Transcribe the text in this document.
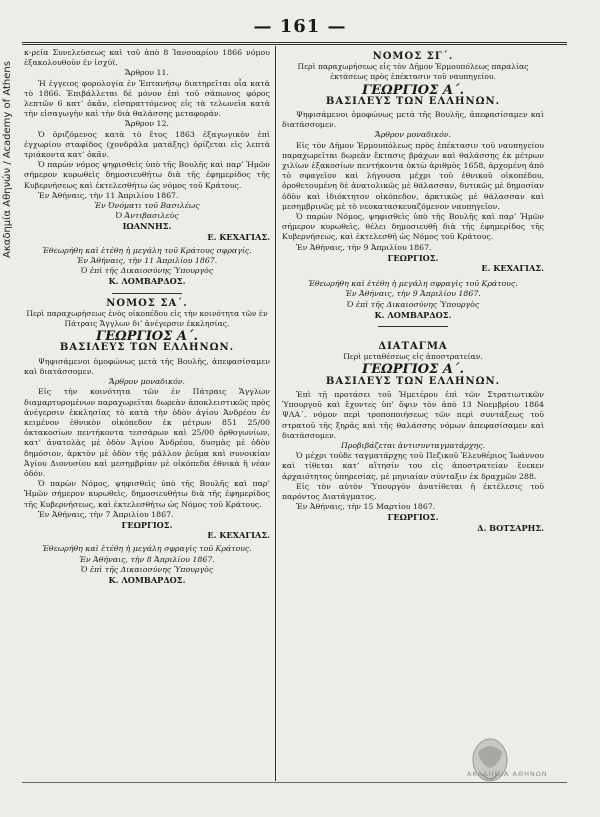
Ακαδημία Αθηνών / Academy of Athens
— 161 —

κ-ρεία Συνελεύσεως καὶ τοῦ ἀπὸ 8 Ἰανουαρίου 1866 νόμου ἐξακολουθοῦν ἐν ἰσχύϊ.

Ἄρθρον 11.

Ἡ ἐγγειος φορολογία ἐν Ἑπτανήσῳ διατηρεῖται οἷα κατὰ τὸ 1866. Ἐπιβάλλεται δὲ μόνον ἐπὶ τοῦ σάπωνος φόρος λεπτῶν 6 κατ’ ὀκᾶν, εἰσπραττόμενος εἰς τὰ τελωνεῖα κατὰ τὴν εἰσαγωγὴν καὶ τὴν διὰ θαλάσσης μεταφοράν.

Ἄρθρον 12.

Ὁ ὁριζόμενος κατὰ τὸ ἔτος 1863 ἐξαγωγικὸν ἐπὶ ἐγχωρίου σταφίδος (χονδράλα ματάξης) ὁρίζεται εἰς λεπτὰ τριάκοντα κατ’ ὀκᾶν.

Ὁ παρὼν νόμος ψηφισθεὶς ὑπὸ τῆς Βουλῆς καὶ παρ’ Ἡμῶν σήμερον κυρωθεὶς δημοσιευθήτω διὰ τῆς ἐφημερίδος τῆς Κυβερνήσεως καὶ ἐκτελεσθήτω ὡς νόμος τοῦ Κράτους.

Ἐν Ἀθήναις, τὴν 11 Ἀπριλίου 1867.

Ἐν Ὀνόματι τοῦ Βασιλέως

Ὁ Ἀντιβασιλεὺς

ΙΩΑΝΝΗΣ.

Ε. ΚΕΧΑΓΙΑΣ.

Ἐθεωρήθη καὶ ἐτέθη ἡ μεγάλη τοῦ Κράτους σφραγίς.

Ἐν Ἀθήναις, τὴν 11 Ἀπριλίου 1867.

Ὁ ἐπὶ τῆς Δικαιοσύνης Ὑπουργὸς

Κ. ΛΟΜΒΑΡΔΟΣ.

ΝΟΜΟΣ ΣΑ΄.

Περὶ παραχωρήσεως ἑνὸς οἰκοπέδου εἰς τὴν κοινότητα τῶν ἐν Πάτραις Ἄγγλων δι’ ἀνέγερσιν ἐκκλησίας.

ΓΕΩΡΓΙΟΣ Α΄.

ΒΑΣΙΛΕΥΣ ΤΩΝ ΕΛΛΗΝΩΝ.

Ψηφισάμενοι ὁμοφώνως μετὰ τῆς Βουλῆς, ἀπεφασίσαμεν καὶ διατάσσομεν.

Ἄρθρον μοναδικόν.

Εἰς τὴν κοινότητα τῶν ἐν Πάτραις Ἄγγλων διαμαρτυρομένων παραχωρεῖται δωρεὰν ἀποκλειστικῶς πρὸς ἀνέγερσιν ἐκκλησίας τὸ κατὰ τὴν ὁδὸν ἁγίου Ἀνδρέου ἐν κειμένον ἐθνικὸν οἰκόπεδον ἐκ μέτρων 851 25/00 ὀκτακοσίων πεντήκοντα τεσσάρων καὶ 25/00 ὀρθογωνίων, κατ’ ἀνατολὰς μὲ ὁδὸν Ἁγίου Ἀνδρέου, δυσμὰς μὲ ὁδὸν δημόσιον, ἀρκτὸν μὲ ὁδὸν τῆς μάλλον ῥεῦμα καὶ συνοικίαν Ἁγίου Διονυσίου καὶ μεσημβρίαν μὲ οἰκόπεδα ἐθνικὰ ἢ νέαν ὁδόν.

Ὁ παρὼν Νόμος, ψηφισθεὶς ὑπὸ τῆς Βουλῆς καὶ παρ’ Ἡμῶν σήμερον κυρωθεὶς, δημοσιευθήτω διὰ τῆς ἐφημερίδος τῆς Κυβερνήσεως, καὶ ἐκτελεσθήτω ὡς Νόμος τοῦ Κράτους.

Ἐν Ἀθήναις, τὴν 7 Ἀπριλίου 1867.

ΓΕΩΡΓΙΟΣ.

Ε. ΚΕΧΑΓΙΑΣ.

Ἐθεωρήθη καὶ ἐτέθη ἡ μεγάλη σφραγὶς τοῦ Κράτους.

Ἐν Ἀθήναις, τὴν 8 Ἀπριλίου 1867.

Ὁ ἐπὶ τῆς Δικαιοσύνης Ὑπουργὸς

Κ. ΛΟΜΒΑΡΔΟΣ.

ΝΟΜΟΣ ΣΓ΄.

Περὶ παραχωρήσεως εἰς τὸν Δῆμον Ἑρμουπόλεως παραλίας ἐκτάσεως πρὸς ἐπέκτασιν τοῦ ναυπηγείου.

ΓΕΩΡΓΙΟΣ Α΄.

ΒΑΣΙΛΕΥΣ ΤΩΝ ΕΛΛΗΝΩΝ.

Ψηφισάμενοι ὁμοφώνως μετὰ τῆς Βουλῆς, ἀπεφασίσαμεν καὶ διατάσσομεν.

Ἄρθρον μοναδικόν.

Εἰς τὸν Δῆμον Ἑρμουπόλεως πρὸς ἐπέκτασιν τοῦ ναυπηγείου παραχωρεῖται δωρεὰν ἔκτασις βράχων καὶ θαλάσσης ἐκ μέτρων χιλίων ἑξακοσίων πεντήκοντα ὀκτὼ ἀριθμὸς 1658, ἀρχομένη ἀπὸ τὸ σφαγεῖον καὶ λήγουσα μέχρι τοῦ ἐθνικοῦ οἰκοπέδου, ὁροθετουμένη δὲ ἀνατολικῶς μὲ θάλασσαν, δυτικῶς μὲ δημοσίαν ὁδὸν καὶ ἰδιόκτητον οἰκόπεδον, ἀρκτικῶς μὲ θάλασσαν καὶ μεσημβρινῶς μὲ τὸ νεοκατασκευαζόμενον ναυπηγεῖον.

Ὁ παρὼν Νόμος, ψηφισθεὶς ὑπὸ τῆς Βουλῆς καὶ παρ’ Ἡμῶν σήμερον κυρωθεὶς, θέλει δημοσιευθῆ διὰ τῆς ἐφημερίδος τῆς Κυβερνήσεως, καὶ ἐκτελεσθῆ ὡς Νόμος τοῦ Κράτους.

Ἐν Ἀθήναις, τὴν 9 Ἀπριλίου 1867.

ΓΕΩΡΓΙΟΣ.

Ε. ΚΕΧΑΓΙΑΣ.

Ἐθεωρήθη καὶ ἐτέθη ἡ μεγάλη σφραγὶς τοῦ Κράτους.

Ἐν Ἀθήναις, τὴν 9 Ἀπριλίου 1867.

Ὁ ἐπὶ τῆς Δικαιοσύνης Ὑπουργὸς

Κ. ΛΟΜΒΑΡΔΟΣ.

ΔΙΑΤΑΓΜΑ

Περὶ μεταθέσεως εἰς ἀποστρατείαν.

ΓΕΩΡΓΙΟΣ Α΄.

ΒΑΣΙΛΕΥΣ ΤΩΝ ΕΛΛΗΝΩΝ.

Ἐπὶ τῇ προτάσει τοῦ Ἡμετέρου ἐπὶ τῶν Στρατιωτικῶν Ὑπουργοῦ καὶ ἔχοντες ὑπ’ ὄψιν τὸν ἀπὸ 13 Νοεμβρίου 1864 ΨΛΑ΄. νόμον περὶ τροποποιήσεως τῶν περὶ συντάξεως τοῦ στρατοῦ τῆς ξηρᾶς καὶ τῆς θαλάσσης νόμων ἀπεφασίσαμεν καὶ διατάσσομεν.

Προβιβάζεται ἀντισυνταγματάρχης.

Ὁ μέχρι τοῦδε ταγματάρχης τοῦ Πεζικοῦ Ἐλευθέριος Ἰωάννου καὶ τίθεται κατ’ αἴτησίν του εἰς ἀποστρατείαν ἕνεκεν ἀρχαιότητος ὑπηρεσίας, μὲ μηνιαίαν σύνταξιν ἐκ δραχμῶν 288.

Εἰς τὸν αὐτὸν Ὑπουργὸν ἀνατίθεται ἡ ἐκτέλεσις τοῦ παρόντος Διατάγματος.

Ἐν Ἀθήναις, τὴν 15 Μαρτίου 1867.

ΓΕΩΡΓΙΟΣ.

Δ. ΒΟΤΣΑΡΗΣ.

ΑΚΑΔΗΜΙΑ ΑΘΗΝΩΝ
